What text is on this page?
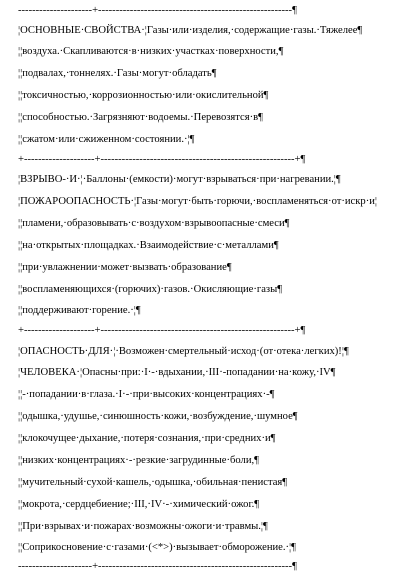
---------------------+-------------------------------------------------------¶
¦ОСНОВНЫЕ·СВОЙСТВА·¦Газы·или·изделия,·содержащие·газы.·Тяжелее¶
¦¦воздуха.·Скапливаются·в·низких·участках·поверхности,¶
¦¦подвалах,·тоннелях.·Газы·могут·обладать¶
¦¦токсичностью,·коррозионностью·или·окислительной¶
¦¦способностью.·Загрязняют·водоемы.·Перевозятся·в¶
¦¦сжатом·или·сжиженном·состоянии.·¦¶
+--------------------+-------------------------------------------------------+¶
¦ВЗРЫВО-·И·¦·Баллоны·(емкости)·могут·взрываться·при·нагревании.¦¶
¦ПОЖАРООПАСНОСТЬ·¦Газы·могут·быть·горючи,·воспламеняться·от·искр·и¦
¦¦пламени,·образовывать·с·воздухом·взрывоопасные·смеси¶
¦¦на·открытых·площадках.·Взаимодействие·с·металлами¶
¦¦при·увлажнении·может·вызвать·образование¶
¦¦воспламеняющихся·(горючих)·газов.·Окисляющие·газы¶
¦¦поддерживают·горение.·¦¶
+--------------------+-------------------------------------------------------+¶
¦ОПАСНОСТЬ·ДЛЯ·¦·Возможен·смертельный·исход·(от·отека·легких)!¦¶
¦ЧЕЛОВЕКА·¦Опасны·при:·I·-·вдыхании,·III·-попадании·на·кожу,·IV¶
¦¦-·попадании·в·глаза.·I·-·при·высоких·концентрациях·-¶
¦¦одышка,·удушье,·синюшность·кожи,·возбуждение,·шумное¶
¦¦клокочущее·дыхание,·потеря·сознания,·при·средних·и¶
¦¦низких·концентрациях·-·резкие·загрудинные·боли,¶
¦¦мучительный·сухой·кашель,·одышка,·обильная·пенистая¶
¦¦мокрота,·сердцебиение;·III,·IV·-·химический·ожог.¶
¦¦При·взрывах·и·пожарах·возможны·ожоги·и·травмы.¦¶
¦¦Соприкосновение·с·газами·(<*>)·вызывает·обморожение.·¦¶
---------------------+-------------------------------------------------------¶
